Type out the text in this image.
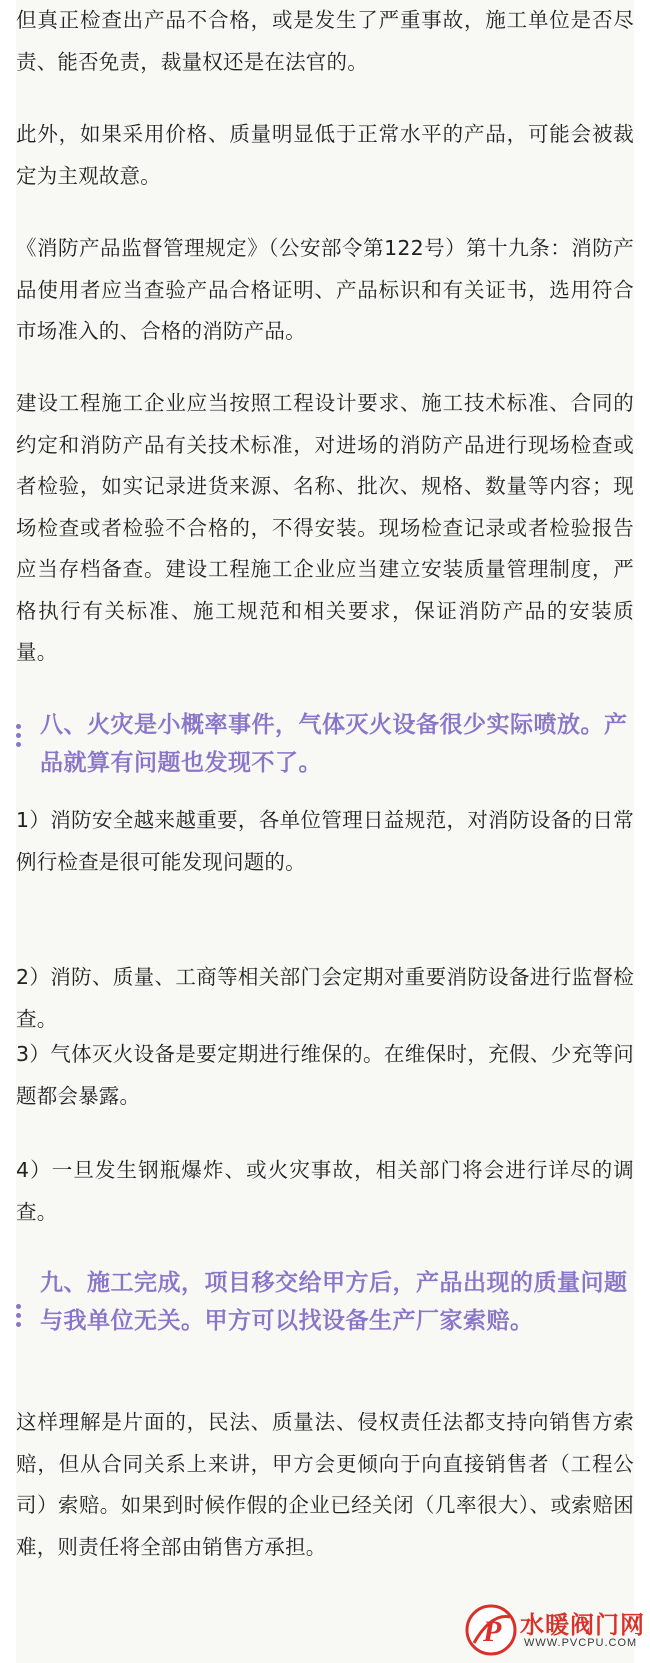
但真正检查出产品不合格，或是发生了严重事故，施工单位是否尽责、能否免责，裁量权还是在法官的。

此外，如果采用价格、质量明显低于正常水平的产品，可能会被裁定为主观故意。

《消防产品监督管理规定》（公安部令第122号）第十九条：消防产品使用者应当查验产品合格证明、产品标识和有关证书，选用符合市场准入的、合格的消防产品。

建设工程施工企业应当按照工程设计要求、施工技术标准、合同的约定和消防产品有关技术标准，对进场的消防产品进行现场检查或者检验，如实记录进货来源、名称、批次、规格、数量等内容；现场检查或者检验不合格的，不得安装。现场检查记录或者检验报告应当存档备查。建设工程施工企业应当建立安装质量管理制度，严格执行有关标准、施工规范和相关要求，保证消防产品的安装质量。

八、火灾是小概率事件，气体灭火设备很少实际喷放。产品就算有问题也发现不了。

1）消防安全越来越重要，各单位管理日益规范，对消防设备的日常例行检查是很可能发现问题的。

2）消防、质量、工商等相关部门会定期对重要消防设备进行监督检查。

3）气体灭火设备是要定期进行维保的。在维保时，充假、少充等问题都会暴露。

4）一旦发生钢瓶爆炸、或火灾事故，相关部门将会进行详尽的调查。

九、施工完成，项目移交给甲方后，产品出现的质量问题与我单位无关。甲方可以找设备生产厂家索赔。

这样理解是片面的，民法、质量法、侵权责任法都支持向销售方索赔，但从合同关系上来讲，甲方会更倾向于向直接销售者（工程公司）索赔。如果到时候作假的企业已经关闭（几率很大）、或索赔困难，则责任将全部由销售方承担。

P 水暖阀门网
WWW.PVCPU.COM
